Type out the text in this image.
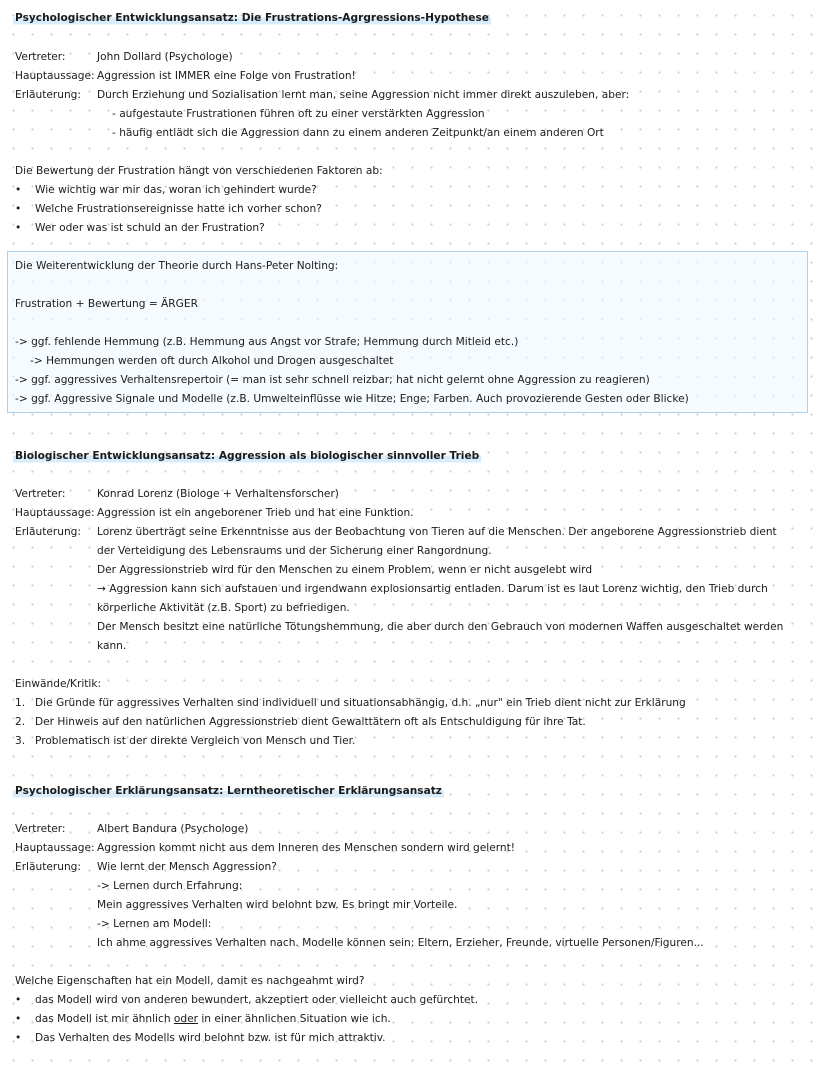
Psychologischer Entwicklungsansatz: Die Frustrations-Agrgressions-Hypothese
Vertreter:	John Dollard (Psychologe)
Hauptaussage: Aggression ist IMMER eine Folge von Frustration!
Erläuterung: Durch Erziehung und Sozialisation lernt man, seine Aggression nicht immer direkt auszuleben, aber:
- aufgestaute Frustrationen führen oft zu einer verstärkten Aggression
- häufig entlädt sich die Aggression dann zu einem anderen Zeitpunkt/an einem anderen Ort
Die Bewertung der Frustration hängt von verschiedenen Faktoren ab:
• Wie wichtig war mir das, woran ich gehindert wurde?
• Welche Frustrationsereignisse hatte ich vorher schon?
• Wer oder was ist schuld an der Frustration?
Die Weiterentwicklung der Theorie durch Hans-Peter Nolting:
Frustration + Bewertung = ÄRGER
-> ggf. fehlende Hemmung (z.B. Hemmung aus Angst vor Strafe; Hemmung durch Mitleid etc.)
-> Hemmungen werden oft durch Alkohol und Drogen ausgeschaltet
-> ggf. aggressives Verhaltensrepertoir (= man ist sehr schnell reizbar; hat nicht gelernt ohne Aggression zu reagieren)
-> ggf. Aggressive Signale und Modelle (z.B. Umwelteinflüsse wie Hitze; Enge; Farben. Auch provozierende Gesten oder Blicke)
Biologischer Entwicklungsansatz: Aggression als biologischer sinnvoller Trieb
Vertreter:	Konrad Lorenz (Biologe + Verhaltensforscher)
Hauptaussage: Aggression ist ein angeborener Trieb und hat eine Funktion.
Erläuterung: Lorenz überträgt seine Erkenntnisse aus der Beobachtung von Tieren auf die Menschen. Der angeborene Aggressionstrieb dient
der Verteidigung des Lebensraums und der Sicherung einer Rangordnung.
Der Aggressionstrieb wird für den Menschen zu einem Problem, wenn er nicht ausgelebt wird
→ Aggression kann sich aufstauen und irgendwann explosionsartig entladen. Darum ist es laut Lorenz wichtig, den Trieb durch
körperliche Aktivität (z.B. Sport) zu befriedigen.
Der Mensch besitzt eine natürliche Tötungshemmung, die aber durch den Gebrauch von modernen Waffen ausgeschaltet werden
kann.
Einwände/Kritik:
1. Die Gründe für aggressives Verhalten sind individuell und situationsabhängig, d.h. „nur" ein Trieb dient nicht zur Erklärung
2. Der Hinweis auf den natürlichen Aggressionstrieb dient Gewalttätern oft als Entschuldigung für ihre Tat.
3. Problematisch ist der direkte Vergleich von Mensch und Tier.
Psychologischer Erklärungsansatz: Lerntheoretischer Erklärungsansatz
Vertreter:	Albert Bandura (Psychologe)
Hauptaussage: Aggression kommt nicht aus dem Inneren des Menschen sondern wird gelernt!
Erläuterung: Wie lernt der Mensch Aggression?
-> Lernen durch Erfahrung:
Mein aggressives Verhalten wird belohnt bzw. Es bringt mir Vorteile.
-> Lernen am Modell:
Ich ahme aggressives Verhalten nach. Modelle können sein: Eltern, Erzieher, Freunde, virtuelle Personen/Figuren...
Welche Eigenschaften hat ein Modell, damit es nachgeahmt wird?
• das Modell wird von anderen bewundert, akzeptiert oder vielleicht auch gefürchtet.
• das Modell ist mir ähnlich oder in einer ähnlichen Situation wie ich.
• Das Verhalten des Modells wird belohnt bzw. ist für mich attraktiv.
